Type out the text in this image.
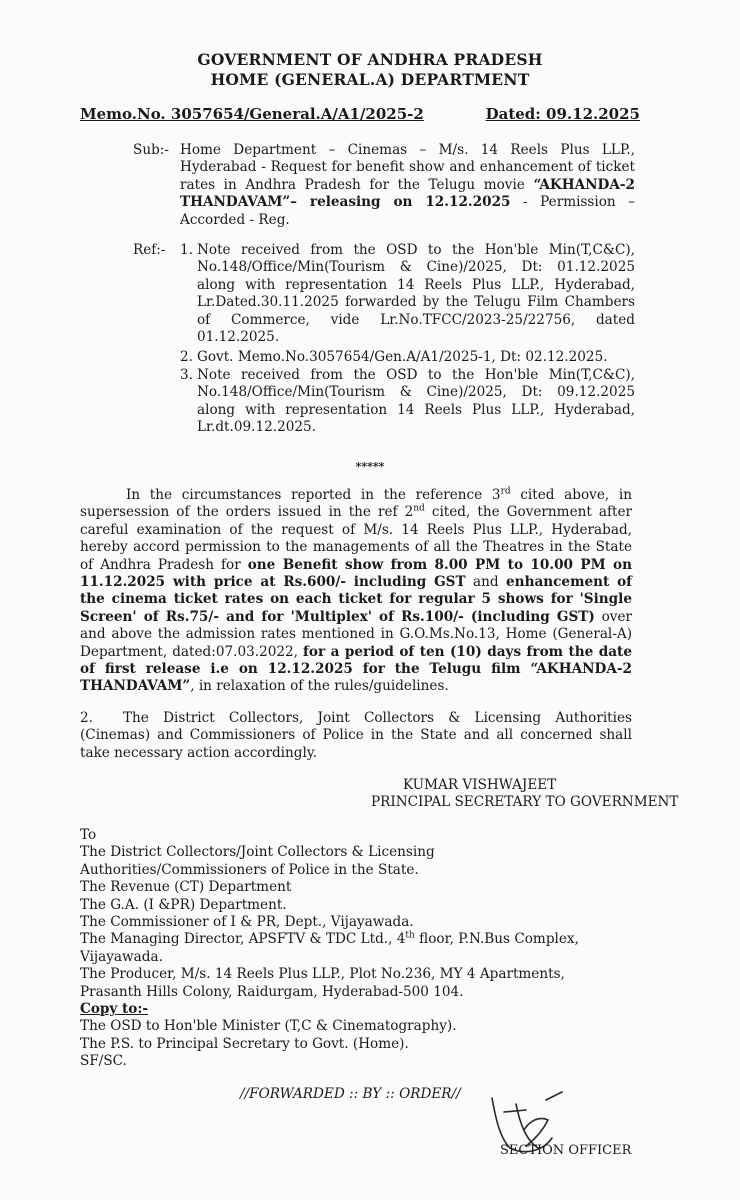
GOVERNMENT OF ANDHRA PRADESH
HOME (GENERAL.A) DEPARTMENT
Memo.No. 3057654/General.A/A1/2025-2	Dated: 09.12.2025
Sub:- Home Department – Cinemas – M/s. 14 Reels Plus LLP., Hyderabad - Request for benefit show and enhancement of ticket rates in Andhra Pradesh for the Telugu movie “AKHANDA-2 THANDAVAM”– releasing on 12.12.2025 - Permission – Accorded - Reg.
Ref:- 1. Note received from the OSD to the Hon'ble Min(T,C&C), No.148/Office/Min(Tourism & Cine)/2025, Dt: 01.12.2025 along with representation 14 Reels Plus LLP., Hyderabad, Lr.Dated.30.11.2025 forwarded by the Telugu Film Chambers of Commerce, vide Lr.No.TFCC/2023-25/22756, dated 01.12.2025.
2. Govt. Memo.No.3057654/Gen.A/A1/2025-1, Dt: 02.12.2025.
3. Note received from the OSD to the Hon'ble Min(T,C&C), No.148/Office/Min(Tourism & Cine)/2025, Dt: 09.12.2025 along with representation 14 Reels Plus LLP., Hyderabad, Lr.dt.09.12.2025.
*****
In the circumstances reported in the reference 3rd cited above, in supersession of the orders issued in the ref 2nd cited, the Government after careful examination of the request of M/s. 14 Reels Plus LLP., Hyderabad, hereby accord permission to the managements of all the Theatres in the State of Andhra Pradesh for one Benefit show from 8.00 PM to 10.00 PM on 11.12.2025 with price at Rs.600/- including GST and enhancement of the cinema ticket rates on each ticket for regular 5 shows for 'Single Screen' of Rs.75/- and for 'Multiplex' of Rs.100/- (including GST) over and above the admission rates mentioned in G.O.Ms.No.13, Home (General-A) Department, dated:07.03.2022, for a period of ten (10) days from the date of first release i.e on 12.12.2025 for the Telugu film “AKHANDA-2 THANDAVAM”, in relaxation of the rules/guidelines.
2. The District Collectors, Joint Collectors & Licensing Authorities (Cinemas) and Commissioners of Police in the State and all concerned shall take necessary action accordingly.
KUMAR VISHWAJEET
PRINCIPAL SECRETARY TO GOVERNMENT
To
The District Collectors/Joint Collectors & Licensing
Authorities/Commissioners of Police in the State.
The Revenue (CT) Department
The G.A. (I &PR) Department.
The Commissioner of I & PR, Dept., Vijayawada.
The Managing Director, APSFTV & TDC Ltd., 4th floor, P.N.Bus Complex,
Vijayawada.
The Producer, M/s. 14 Reels Plus LLP., Plot No.236, MY 4 Apartments,
Prasanth Hills Colony, Raidurgam, Hyderabad-500 104.
Copy to:-
The OSD to Hon'ble Minister (T,C & Cinematography).
The P.S. to Principal Secretary to Govt. (Home).
SF/SC.
//FORWARDED :: BY :: ORDER//
SECTION OFFICER
